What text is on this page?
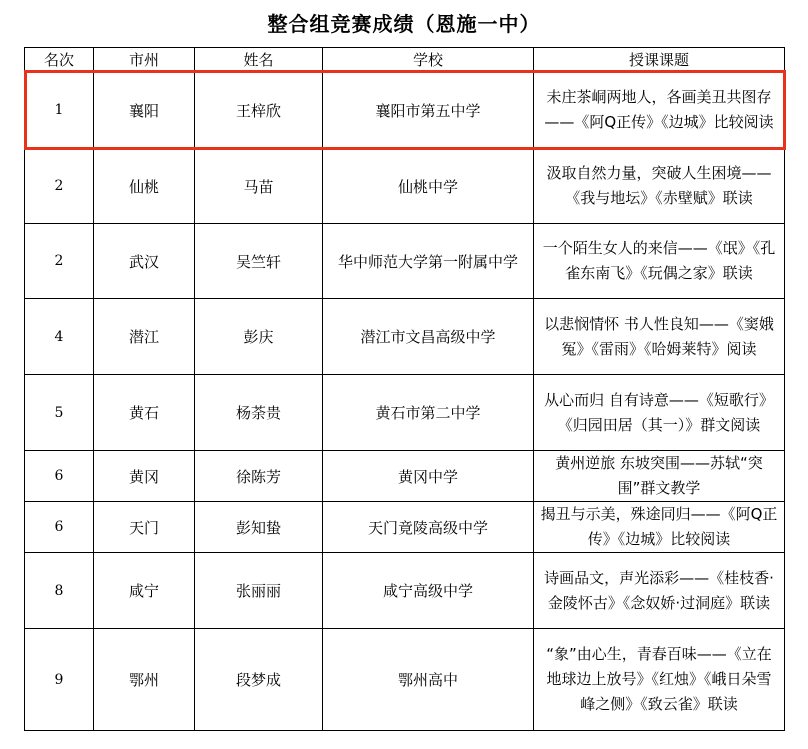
整合组竞赛成绩（恩施一中）
名次	市州	姓名	学校	授课课题
1	襄阳	王梓欣	襄阳市第五中学	未庄茶峒两地人，各画美丑共图存——《阿Q正传》《边城》比较阅读
2	仙桃	马苗	仙桃中学	汲取自然力量，突破人生困境——《我与地坛》《赤壁赋》联读
2	武汉	吴竺轩	华中师范大学第一附属中学	一个陌生女人的来信——《氓》《孔雀东南飞》《玩偶之家》联读
4	潜江	彭庆	潜江市文昌高级中学	以悲悯情怀 书人性良知——《窦娥冤》《雷雨》《哈姆莱特》阅读
5	黄石	杨荼贵	黄石市第二中学	从心而归 自有诗意——《短歌行》《归园田居（其一）》群文阅读
6	黄冈	徐陈芳	黄冈中学	黄州逆旅 东坡突围——苏轼“突围”群文教学
6	天门	彭知蛰	天门竟陵高级中学	揭丑与示美，殊途同归——《阿Q正传》《边城》比较阅读
8	咸宁	张丽丽	咸宁高级中学	诗画品文，声光添彩——《桂枝香·金陵怀古》《念奴娇·过洞庭》联读
9	鄂州	段梦成	鄂州高中	“象”由心生，青春百味——《立在地球边上放号》《红烛》《峨日朵雪峰之侧》《致云雀》联读
